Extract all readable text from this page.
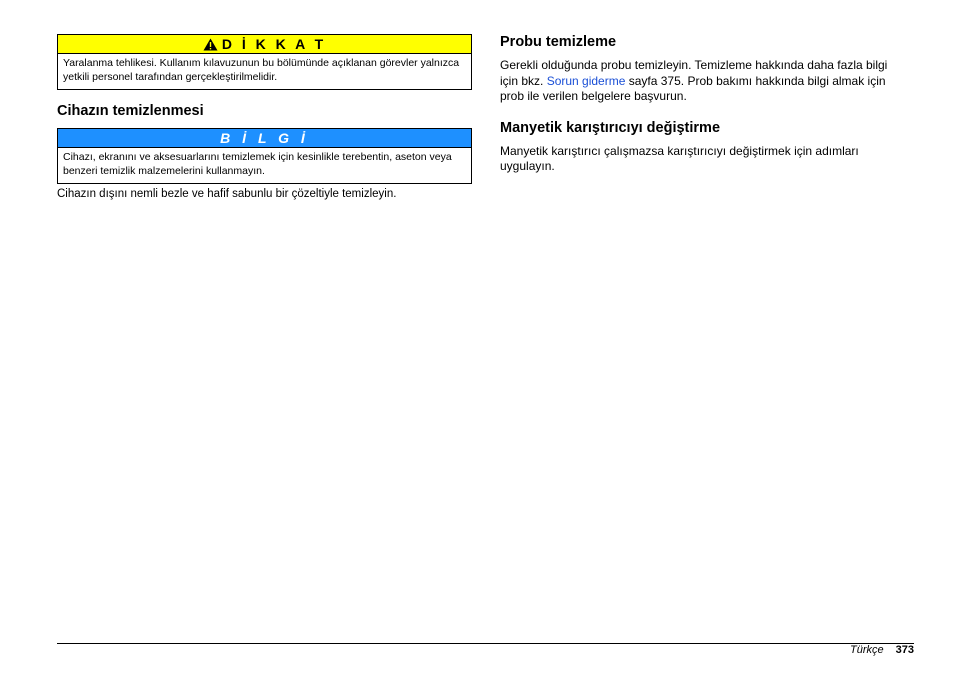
D İ K K A T
Yaralanma tehlikesi. Kullanım kılavuzunun bu bölümünde açıklanan görevler yalnızca yetkili personel tarafından gerçekleştirilmelidir.
Cihazın temizlenmesi
B İ L G İ
Cihazı, ekranını ve aksesuarlarını temizlemek için kesinlikle terebentin, aseton veya benzeri temizlik malzemelerini kullanmayın.

Cihazın dışını nemli bezle ve hafif sabunlu bir çözeltiyle temizleyin.

Probu temizleme

Gerekli olduğunda probu temizleyin. Temizleme hakkında daha fazla bilgi için bkz. Sorun giderme sayfa 375. Prob bakımı hakkında bilgi almak için prob ile verilen belgelere başvurun.

Manyetik karıştırıcıyı değiştirme

Manyetik karıştırıcı çalışmazsa karıştırıcıyı değiştirmek için adımları uygulayın.

Türkçe 373
